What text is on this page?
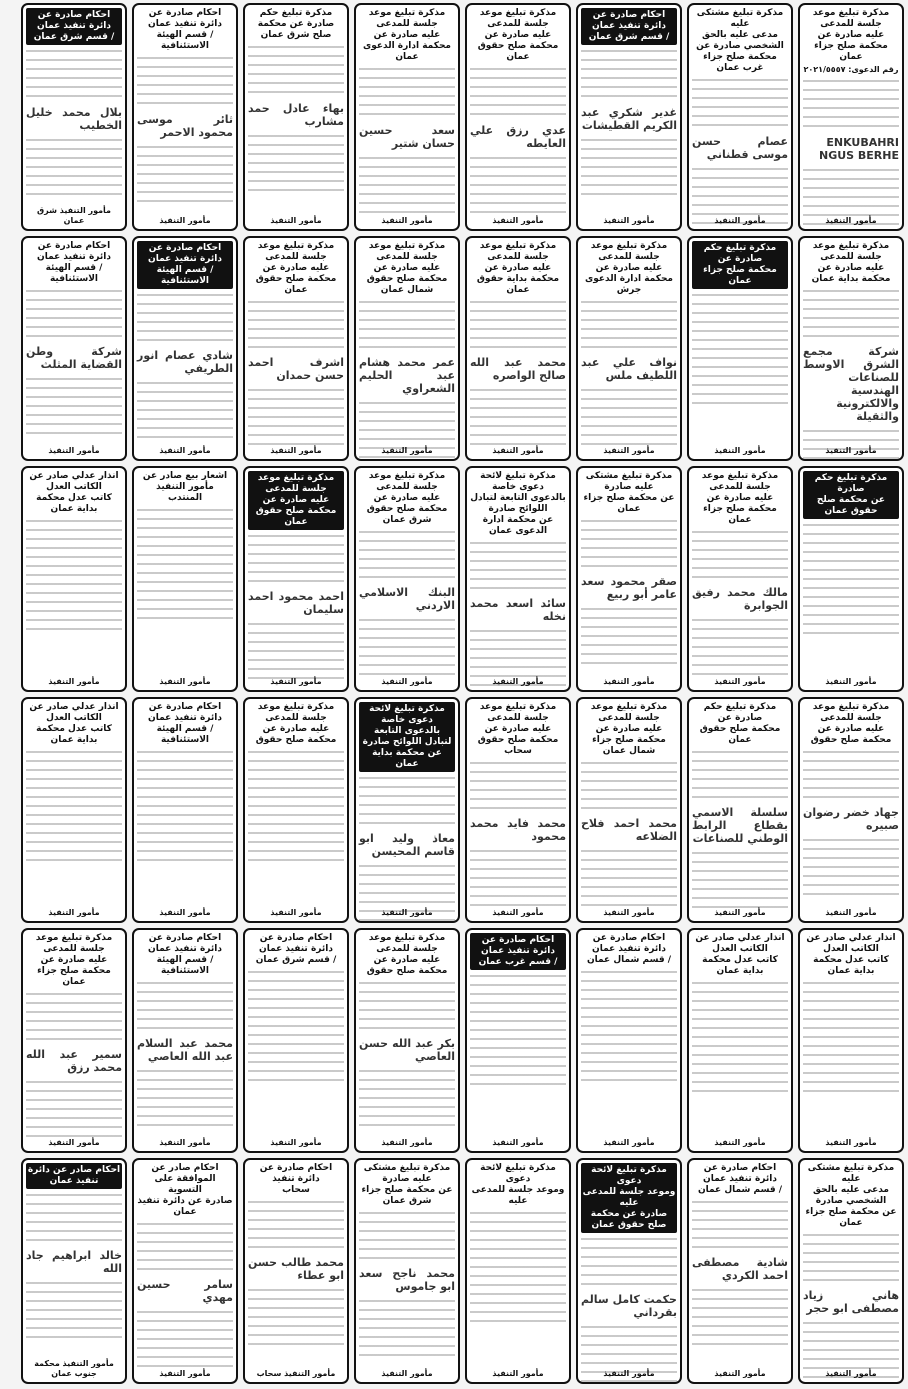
مذكرة تبليغ موعد جلسة للمدعى
عليه صادرة عن محكمة صلح جزاء عمان
رقم الدعوى: ٢٠٢١/٥٥٥٧
ENKUBAHRI NGUS BERHE
مأمور التنفيذ
مذكرة تبليغ مشتكى عليه
مدعى عليه بالحق الشخصي صادرة عن
محكمة صلح جزاء غرب عمان
عصام حسن موسى قطناني
مأمور التنفيذ
احكام صادرة عن دائرة تنفيذ عمان
/ قسم شرق عمان
غدير شكري عبد الكريم القطيشات
مأمور التنفيذ
مذكرة تبليغ موعد جلسة للمدعى
عليه صادرة عن محكمة صلح حقوق عمان
عدي رزق علي العايطه
مأمور التنفيذ
مذكرة تبليغ موعد جلسة للمدعى
عليه صادرة عن محكمة ادارة الدعوى
عمان
سعد حسين حسان شتير
مأمور التنفيذ
مذكرة تبليغ حكم
صادرة عن محكمة صلح شرق عمان
بهاء عادل حمد مشارب
مأمور التنفيذ
احكام صادرة عن دائرة تنفيذ عمان
/ قسم الهيئة الاستئنافية
ثائر موسى محمود الاحمر
مأمور التنفيذ
احكام صادرة عن دائرة تنفيذ عمان
/ قسم شرق عمان
بلال محمد خليل الخطيب
مأمور التنفيذ شرق عمان
مذكرة تبليغ موعد جلسة للمدعى
عليه صادرة عن محكمة بداية عمان
شركة مجمع الشرق الاوسط للصناعات الهندسية والالكترونية والثقيلة
مأمور التنفيذ
مذكرة تبليغ حكم صادرة عن
محكمة صلح جزاء عمان
مأمور التنفيذ
مذكرة تبليغ موعد جلسة للمدعى
عليه صادرة عن محكمة ادارة الدعوى
جرش
نواف علي عبد اللطيف ملس
مأمور التنفيذ
مذكرة تبليغ موعد جلسة للمدعى
عليه صادرة عن محكمة بداية حقوق
عمان
محمد عبد الله صالح الواصره
مأمور التنفيذ
مذكرة تبليغ موعد جلسة للمدعى
عليه صادرة عن محكمة صلح حقوق
شمال عمان
عمر محمد هشام عبد الحليم الشعراوي
مأمور التنفيذ
مذكرة تبليغ موعد جلسة للمدعى
عليه صادرة عن محكمة صلح حقوق
عمان
اشرف احمد حسن حمدان
مأمور التنفيذ
احكام صادرة عن دائرة تنفيذ عمان
/ قسم الهيئة الاستئنافية
شادي عصام انور الطريفي
مأمور التنفيذ
احكام صادرة عن دائرة تنفيذ عمان
/ قسم الهيئة الاستئنافية
شركة وطن القضاية المثلث
مأمور التنفيذ
مذكرة تبليغ حكم صادرة
عن محكمة صلح حقوق عمان
مأمور التنفيذ
مذكرة تبليغ موعد جلسة للمدعى
عليه صادرة عن محكمة صلح جزاء عمان
مالك محمد رفيق الجوابرة
مأمور التنفيذ
مذكرة تبليغ مشتكى عليه صادرة
عن محكمة صلح جزاء عمان
صقر محمود سعد عامر أبو ربيع
مأمور التنفيذ
مذكرة تبليغ لائحة دعوى خاصة
بالدعوى التابعة لتبادل اللوائح صادرة
عن محكمة ادارة الدعوى عمان
سائد اسعد محمد نخله
مأمور التنفيذ
مذكرة تبليغ موعد جلسة للمدعى
عليه صادرة عن محكمة صلح حقوق
شرق عمان
البنك الاسلامي الاردني
مأمور التنفيذ
مذكرة تبليغ موعد جلسة للمدعى
عليه صادرة عن محكمة صلح حقوق
عمان
احمد محمود احمد سليمان
مأمور التنفيذ
اشعار بيع صادر عن مأمور التنفيذ
المنتدب
مأمور التنفيذ
انذار عدلي صادر عن الكاتب العدل
كاتب عدل محكمة بداية عمان
مأمور التنفيذ
مذكرة تبليغ موعد جلسة للمدعى
عليه صادرة عن محكمة صلح حقوق
جهاد خضر رضوان صبيره
مأمور التنفيذ
مذكرة تبليغ حكم صادرة عن
محكمة صلح حقوق عمان
سلسلة الاسمي بقطاع الرابط الوطني للصناعات
مأمور التنفيذ
مذكرة تبليغ موعد جلسة للمدعى
عليه صادرة عن محكمة صلح جزاء
شمال عمان
محمد احمد فلاح الضلاعه
مأمور التنفيذ
مذكرة تبليغ موعد جلسة للمدعى
عليه صادرة عن محكمة صلح حقوق
سحاب
محمد فايد محمد محمود
مأمور التنفيذ
مذكرة تبليغ لائحة دعوى خاصة
بالدعوى التابعة لتبادل اللوائح صادرة
عن محكمة بداية عمان
معاذ وليد ابو قاسم المحيسن
مأمور التنفيذ
مذكرة تبليغ موعد جلسة للمدعى
عليه صادرة عن محكمة صلح حقوق
مأمور التنفيذ
احكام صادرة عن دائرة تنفيذ عمان
/ قسم الهيئة الاستئنافية
مأمور التنفيذ
انذار عدلي صادر عن الكاتب العدل
كاتب عدل محكمة بداية عمان
مأمور التنفيذ
انذار عدلي صادر عن الكاتب العدل
كاتب عدل محكمة بداية عمان
مأمور التنفيذ
انذار عدلي صادر عن الكاتب العدل
كاتب عدل محكمة بداية عمان
مأمور التنفيذ
احكام صادرة عن دائرة تنفيذ عمان
/ قسم شمال عمان
مأمور التنفيذ
احكام صادرة عن دائرة تنفيذ عمان
/ قسم غرب عمان
مأمور التنفيذ
مذكرة تبليغ موعد جلسة للمدعى
عليه صادرة عن محكمة صلح حقوق
بكر عبد الله حسن العاصي
مأمور التنفيذ
احكام صادرة عن دائرة تنفيذ عمان
/ قسم شرق عمان
مأمور التنفيذ
احكام صادرة عن دائرة تنفيذ عمان
/ قسم الهيئة الاستئنافية
محمد عبد السلام عبد الله العاصي
مأمور التنفيذ
مذكرة تبليغ موعد جلسة للمدعى
عليه صادرة عن محكمة صلح جزاء عمان
سمير عبد الله محمد رزق
مأمور التنفيذ
مذكرة تبليغ مشتكى عليه
مدعى عليه بالحق الشخصي صادرة
عن محكمة صلح جزاء عمان
هاني زياد مصطفى ابو حجر
مأمور التنفيذ
احكام صادرة عن دائرة تنفيذ عمان
/ قسم شمال عمان
شادية مصطفى احمد الكردي
مأمور التنفيذ
مذكرة تبليغ لائحة دعوى
وموعد جلسة للمدعى عليه
صادرة عن محكمة صلح حقوق عمان
حكمت كامل سالم بقرداني
مأمور التنفيذ
مذكرة تبليغ لائحة دعوى
وموعد جلسة للمدعى عليه
مأمور التنفيذ
مذكرة تبليغ مشتكى عليه صادرة
عن محكمة صلح جزاء شرق عمان
محمد ناجح سعد ابو جاموس
مأمور التنفيذ
احكام صادرة عن دائرة تنفيذ
سحاب
محمد طالب حسن ابو عطاء
مأمور التنفيذ سحاب
احكام صادر عن الموافقة على التسوية
صادرة عن دائرة تنفيذ عمان
سامر حسين مهدي
مأمور التنفيذ
احكام صادر عن دائرة تنفيذ عمان
خالد ابراهيم جاد الله
مأمور التنفيذ محكمة جنوب عمان
